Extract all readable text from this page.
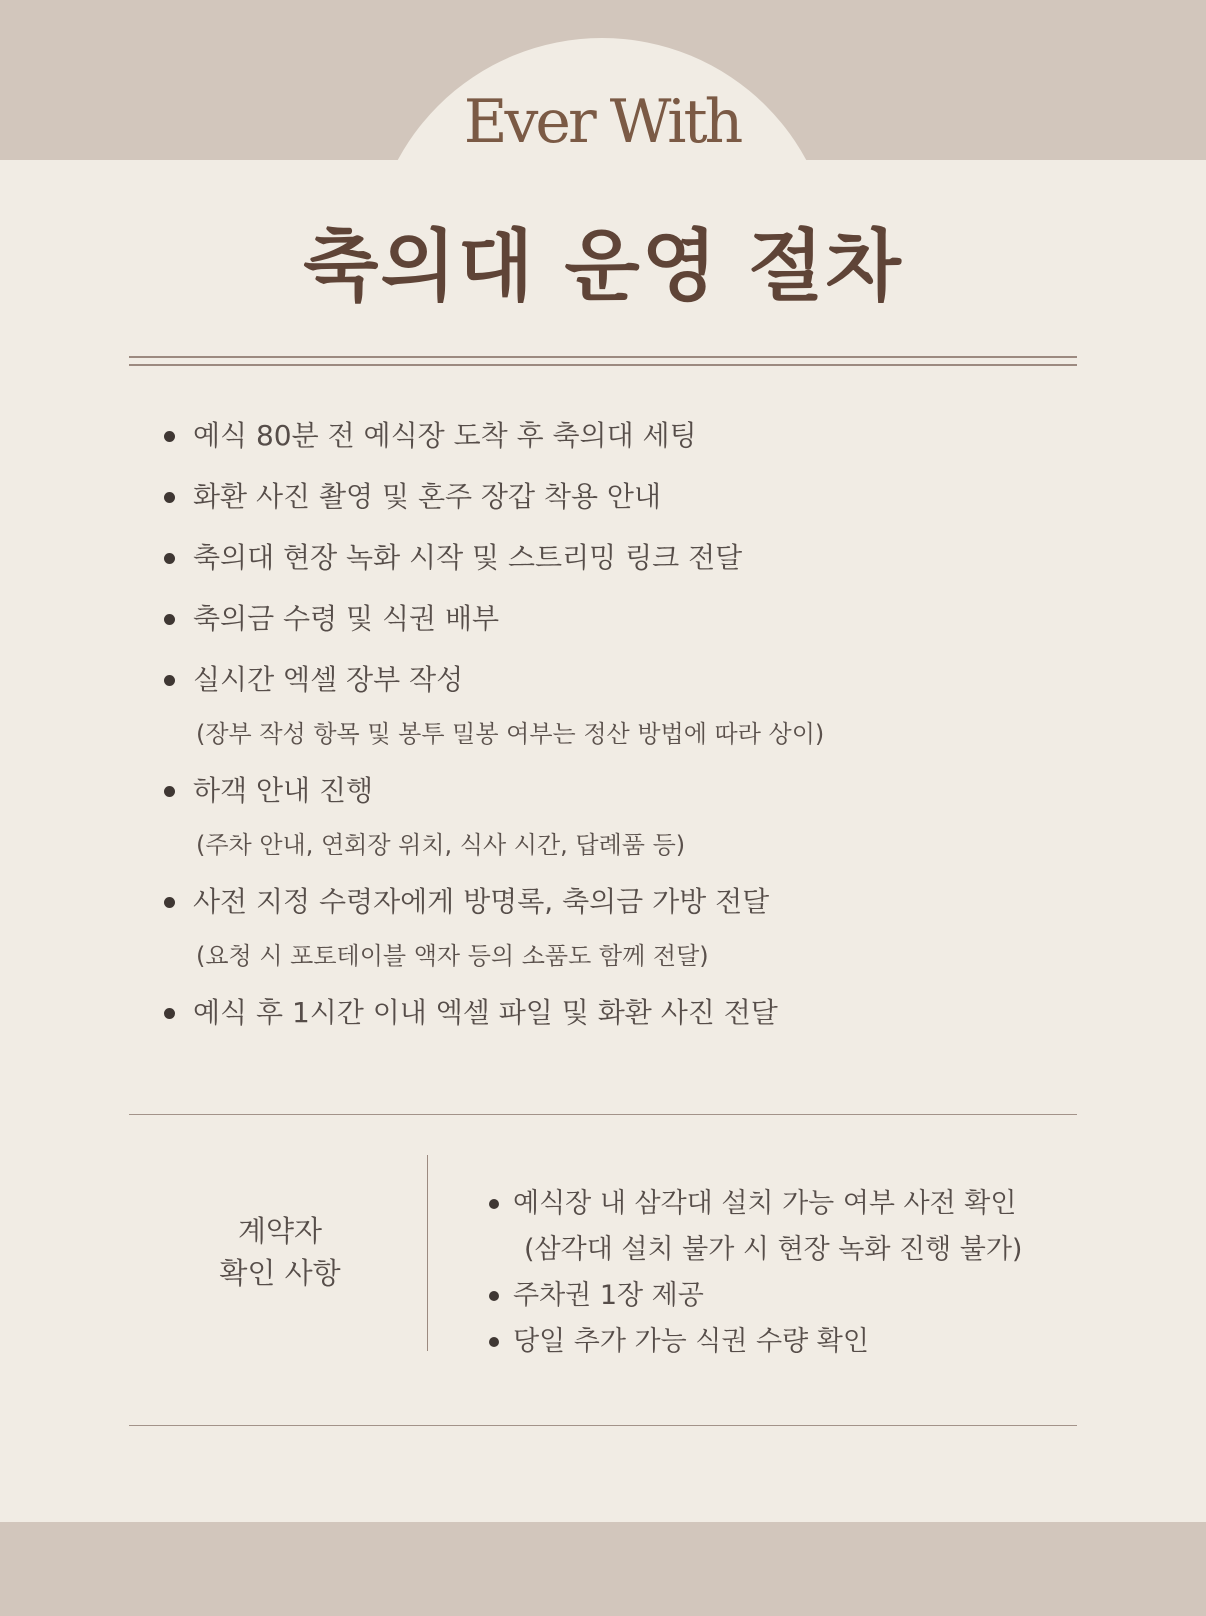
Ever With
축의대 운영 절차
예식 80분 전 예식장 도착 후 축의대 세팅
화환 사진 촬영 및 혼주 장갑 착용 안내
축의대 현장 녹화 시작 및 스트리밍 링크 전달
축의금 수령 및 식권 배부
실시간 엑셀 장부 작성
(장부 작성 항목 및 봉투 밀봉 여부는 정산 방법에 따라 상이)
하객 안내 진행
(주차 안내, 연회장 위치, 식사 시간, 답례품 등)
사전 지정 수령자에게 방명록, 축의금 가방 전달
(요청 시 포토테이블 액자 등의 소품도 함께 전달)
예식 후 1시간 이내 엑셀 파일 및 화환 사진 전달
계약자
확인 사항
예식장 내 삼각대 설치 가능 여부 사전 확인
(삼각대 설치 불가 시 현장 녹화 진행 불가)
주차권 1장 제공
당일 추가 가능 식권 수량 확인
